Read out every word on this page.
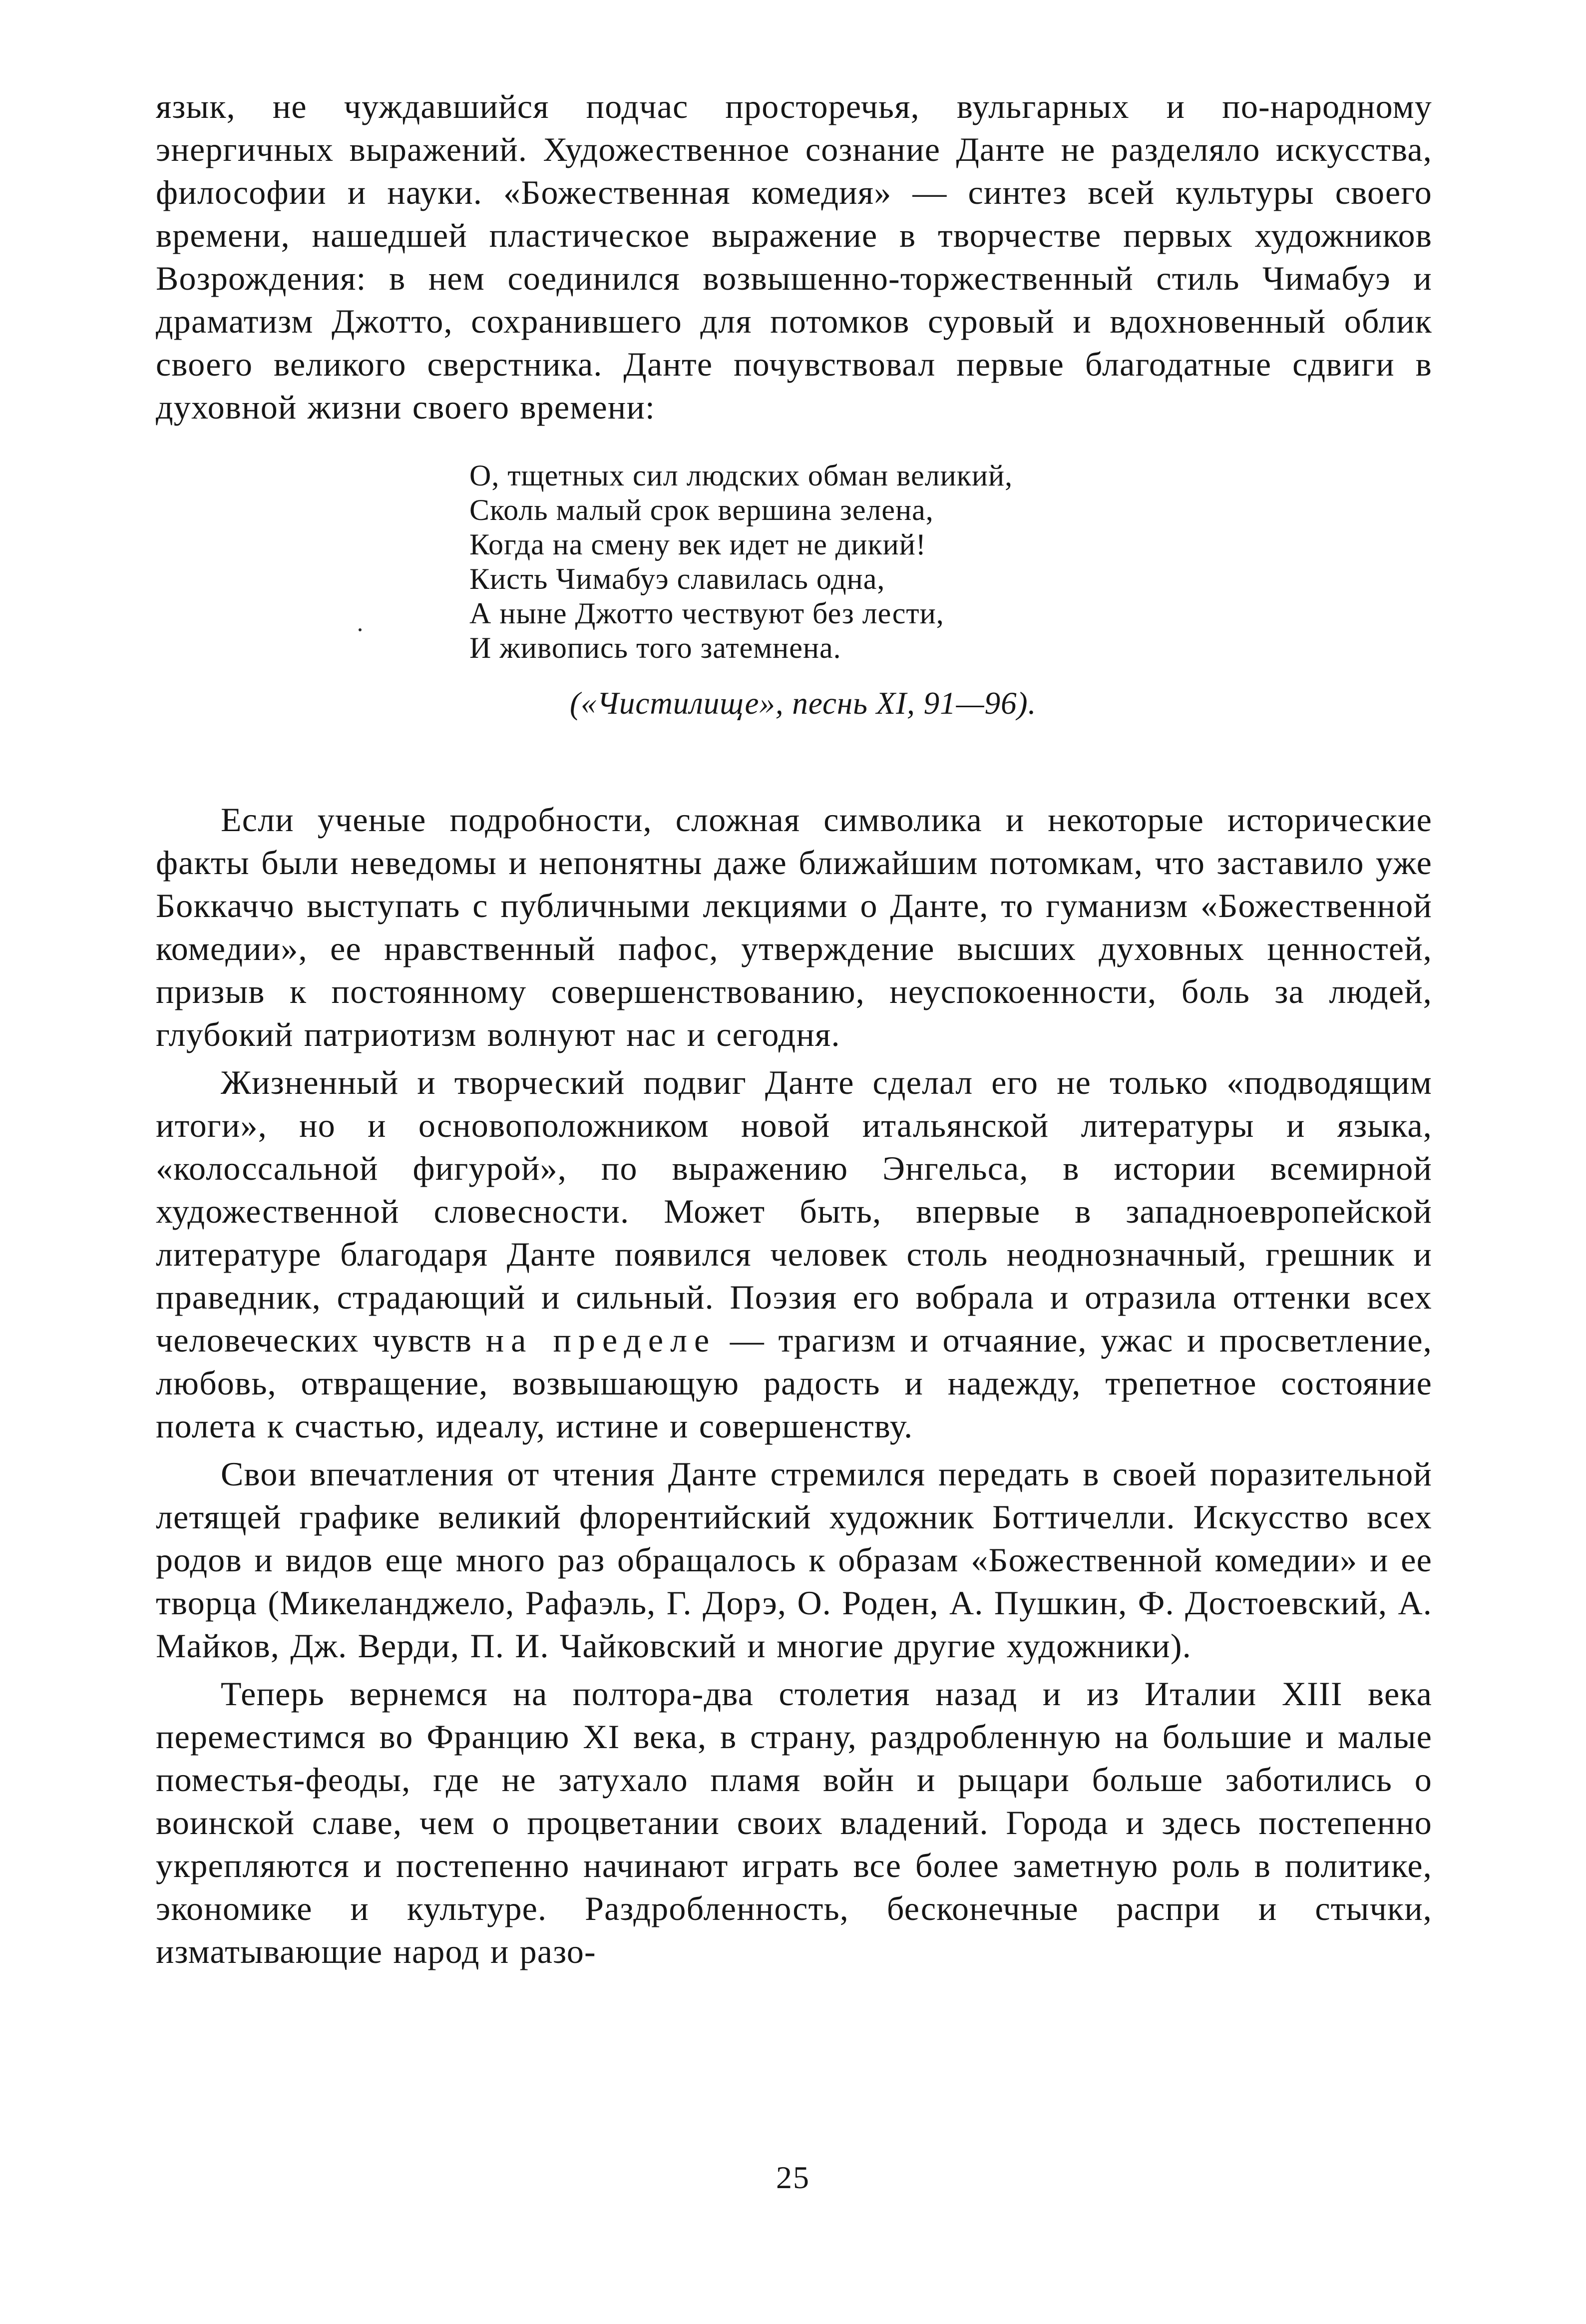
язык, не чуждавшийся подчас просторечья, вульгарных и по-народному энергичных выражений. Художественное сознание Данте не разделяло искусства, философии и науки. «Божественная комедия» — синтез всей культуры своего времени, нашедшей пластическое выражение в творчестве первых художников Возрождения: в нем соединился возвышенно-торжественный стиль Чимабуэ и драматизм Джотто, сохранившего для потомков суровый и вдохновенный облик своего великого сверстника. Данте почувствовал первые благодатные сдвиги в духовной жизни своего времени:

О, тщетных сил людских обман великий,
Сколь малый срок вершина зелена,
Когда на смену век идет не дикий!
Кисть Чимабуэ славилась одна,
А ныне Джотто чествуют без лести,
И живопись того затемнена.
(«Чистилище», песнь XI, 91—96).

Если ученые подробности, сложная символика и некоторые исторические факты были неведомы и непонятны даже ближайшим потомкам, что заставило уже Боккаччо выступать с публичными лекциями о Данте, то гуманизм «Божественной комедии», ее нравственный пафос, утверждение высших духовных ценностей, призыв к постоянному совершенствованию, неуспокоенности, боль за людей, глубокий патриотизм волнуют нас и сегодня.

Жизненный и творческий подвиг Данте сделал его не только «подводящим итоги», но и основоположником новой итальянской литературы и языка, «колоссальной фигурой», по выражению Энгельса, в истории всемирной художественной словесности. Может быть, впервые в западноевропейской литературе благодаря Данте появился человек столь неоднозначный, грешник и праведник, страдающий и сильный. Поэзия его вобрала и отразила оттенки всех человеческих чувств на пределе — трагизм и отчаяние, ужас и просветление, любовь, отвращение, возвышающую радость и надежду, трепетное состояние полета к счастью, идеалу, истине и совершенству.

Свои впечатления от чтения Данте стремился передать в своей поразительной летящей графике великий флорентийский художник Боттичелли. Искусство всех родов и видов еще много раз обращалось к образам «Божественной комедии» и ее творца (Микеланджело, Рафаэль, Г. Дорэ, О. Роден, А. Пушкин, Ф. Достоевский, А. Майков, Дж. Верди, П. И. Чайковский и многие другие художники).

Теперь вернемся на полтора-два столетия назад и из Италии XIII века переместимся во Францию XI века, в страну, раздробленную на большие и малые поместья-феоды, где не затухало пламя войн и рыцари больше заботились о воинской славе, чем о процветании своих владений. Города и здесь постепенно укрепляются и постепенно начинают играть все более заметную роль в политике, экономике и культуре. Раздробленность, бесконечные распри и стычки, изматывающие народ и разо-

25
